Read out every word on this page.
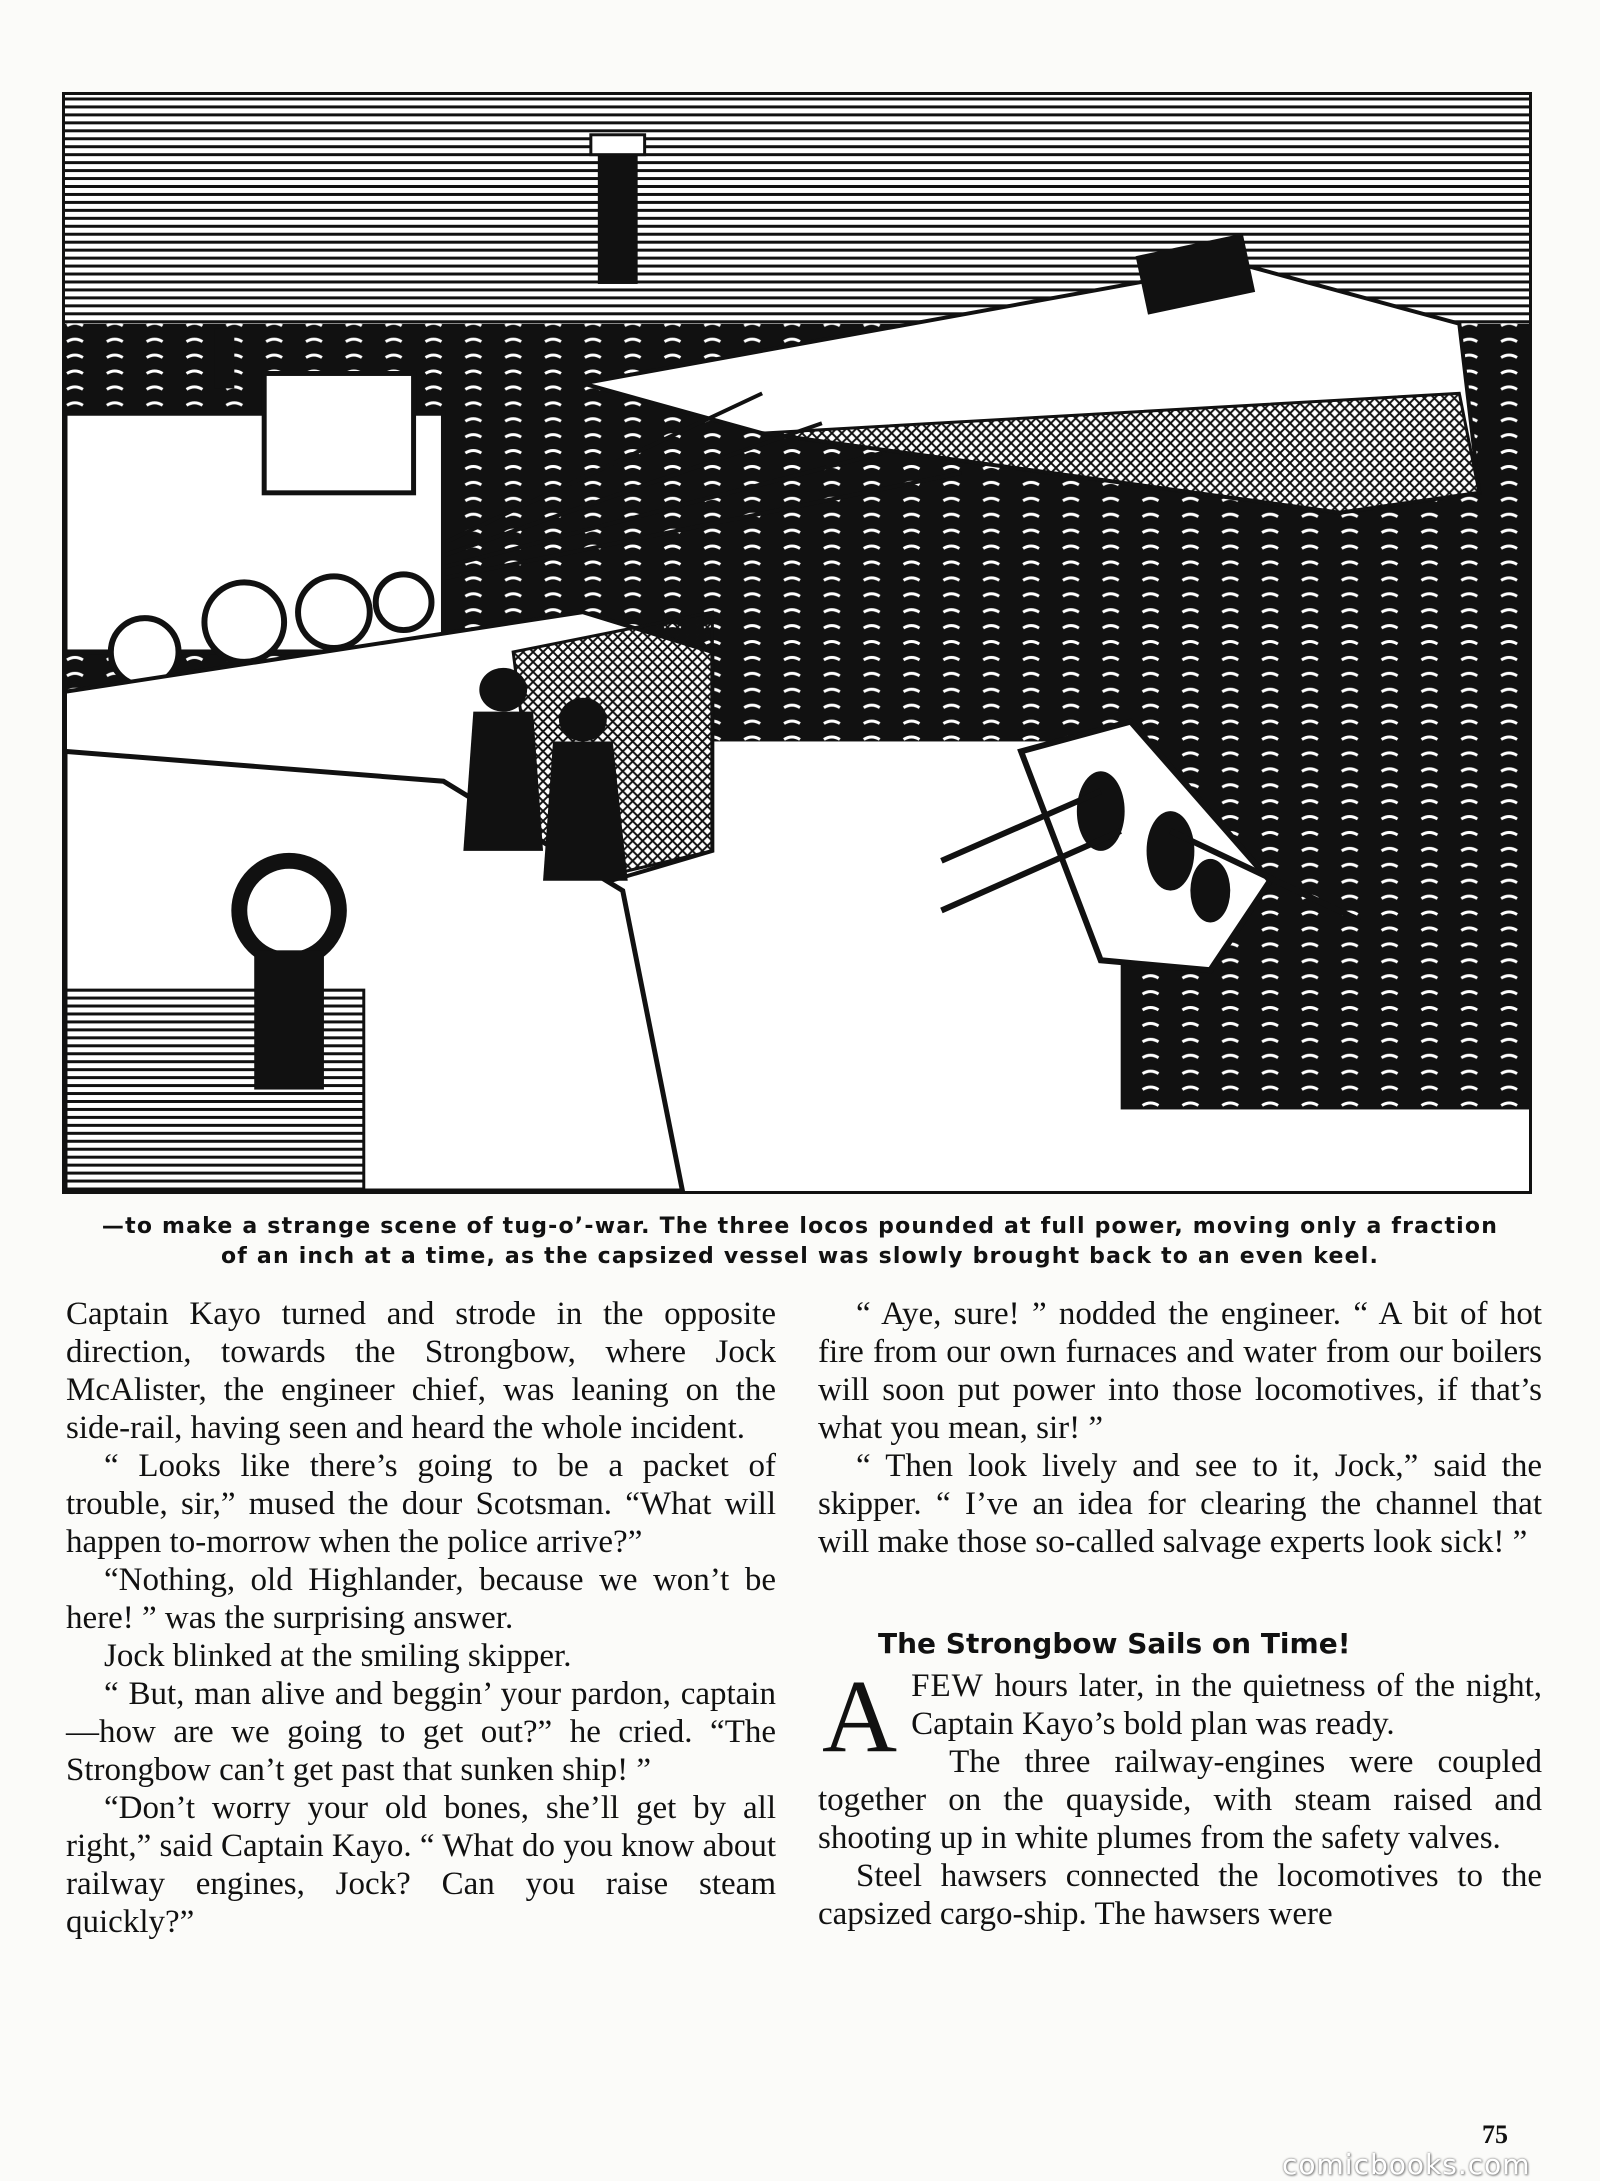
—to make a strange scene of tug-o’-war. The three locos pounded at full power, moving only a fraction
of an inch at a time, as the capsized vessel was slowly brought back to an even keel.

Captain Kayo turned and strode in the opposite direction, towards the Strongbow, where Jock McAlister, the engineer chief, was leaning on the side-rail, having seen and heard the whole incident.

“ Looks like there’s going to be a packet of trouble, sir,” mused the dour Scotsman. “What will happen to-morrow when the police arrive?”

“Nothing, old Highlander, because we won’t be here! ” was the surprising answer.

Jock blinked at the smiling skipper.

“ But, man alive and beggin’ your pardon, captain—how are we going to get out?” he cried. “The Strongbow can’t get past that sunken ship! ”

“Don’t worry your old bones, she’ll get by all right,” said Captain Kayo. “ What do you know about railway engines, Jock? Can you raise steam quickly?”

“ Aye, sure! ” nodded the engineer. “ A bit of hot fire from our own furnaces and water from our boilers will soon put power into those locomotives, if that’s what you mean, sir! ”

“ Then look lively and see to it, Jock,” said the skipper. “ I’ve an idea for clearing the channel that will make those so-called salvage experts look sick! ”

The Strongbow Sails on Time!

AFEW hours later, in the quietness of the night, Captain Kayo’s bold plan was ready.

The three railway-engines were coupled together on the quayside, with steam raised and shooting up in white plumes from the safety valves.

Steel hawsers connected the locomotives to the capsized cargo-ship. The hawsers were

75
comicbooks.com
